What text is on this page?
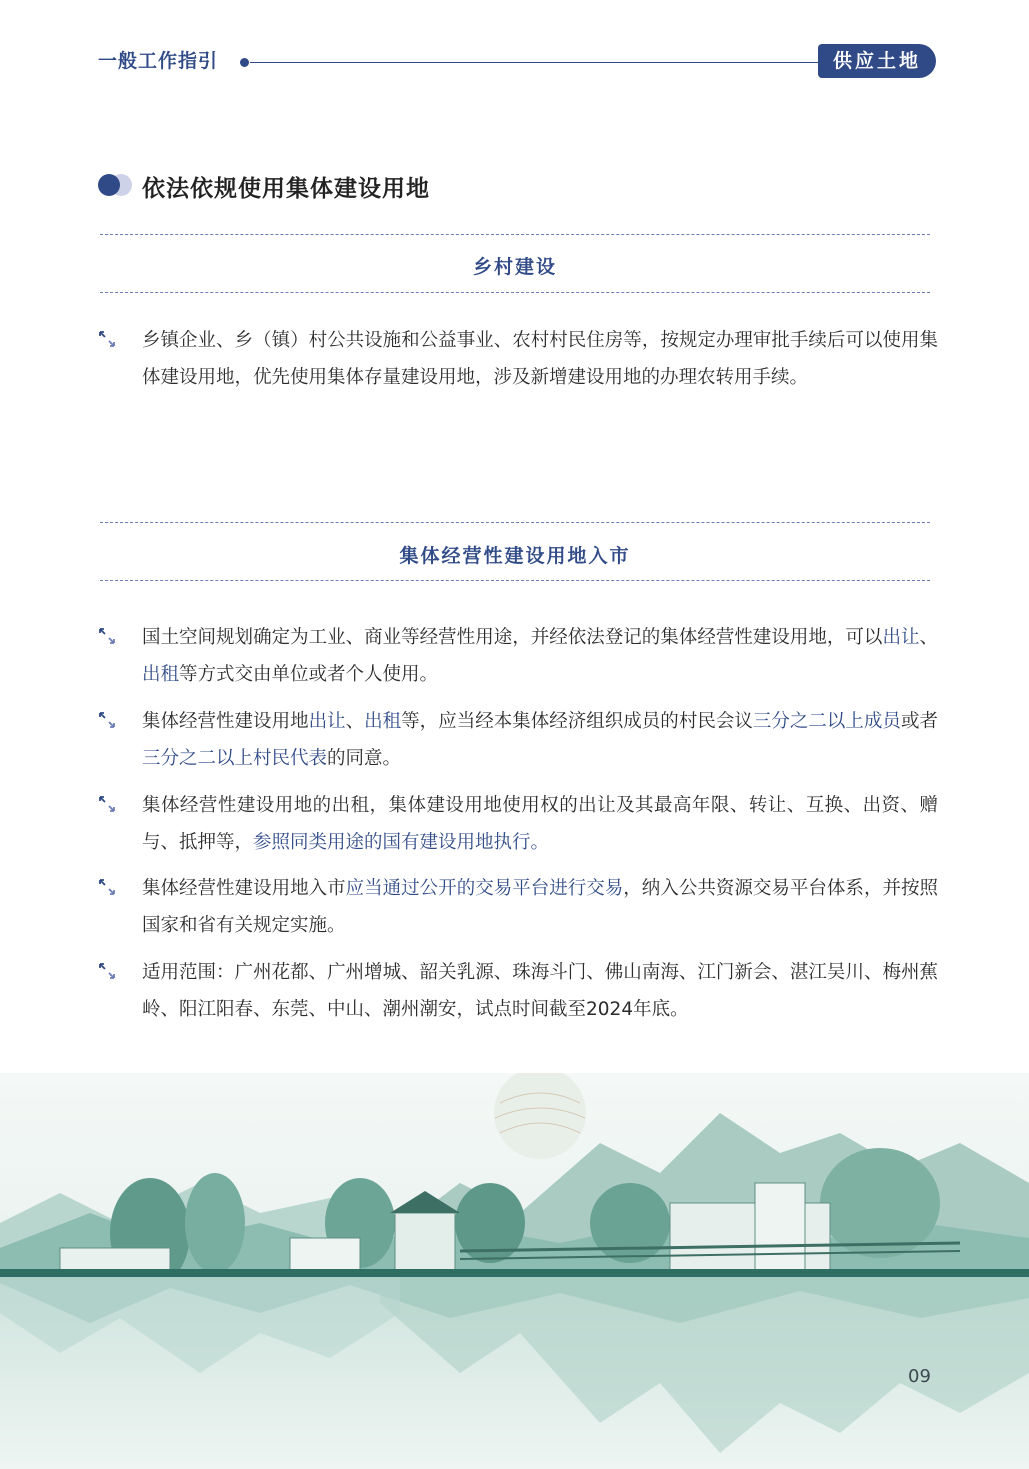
一般工作指引	供应土地
依法依规使用集体建设用地
乡村建设
乡镇企业、乡（镇）村公共设施和公益事业、农村村民住房等，按规定办理审批手续后可以使用集体建设用地，优先使用集体存量建设用地，涉及新增建设用地的办理农转用手续。
集体经营性建设用地入市
国土空间规划确定为工业、商业等经营性用途，并经依法登记的集体经营性建设用地，可以出让、出租等方式交由单位或者个人使用。
集体经营性建设用地出让、出租等，应当经本集体经济组织成员的村民会议三分之二以上成员或者三分之二以上村民代表的同意。
集体经营性建设用地的出租，集体建设用地使用权的出让及其最高年限、转让、互换、出资、赠与、抵押等，参照同类用途的国有建设用地执行。
集体经营性建设用地入市应当通过公开的交易平台进行交易，纳入公共资源交易平台体系，并按照国家和省有关规定实施。
适用范围：广州花都、广州增城、韶关乳源、珠海斗门、佛山南海、江门新会、湛江吴川、梅州蕉岭、阳江阳春、东莞、中山、潮州潮安，试点时间截至2024年底。
09
